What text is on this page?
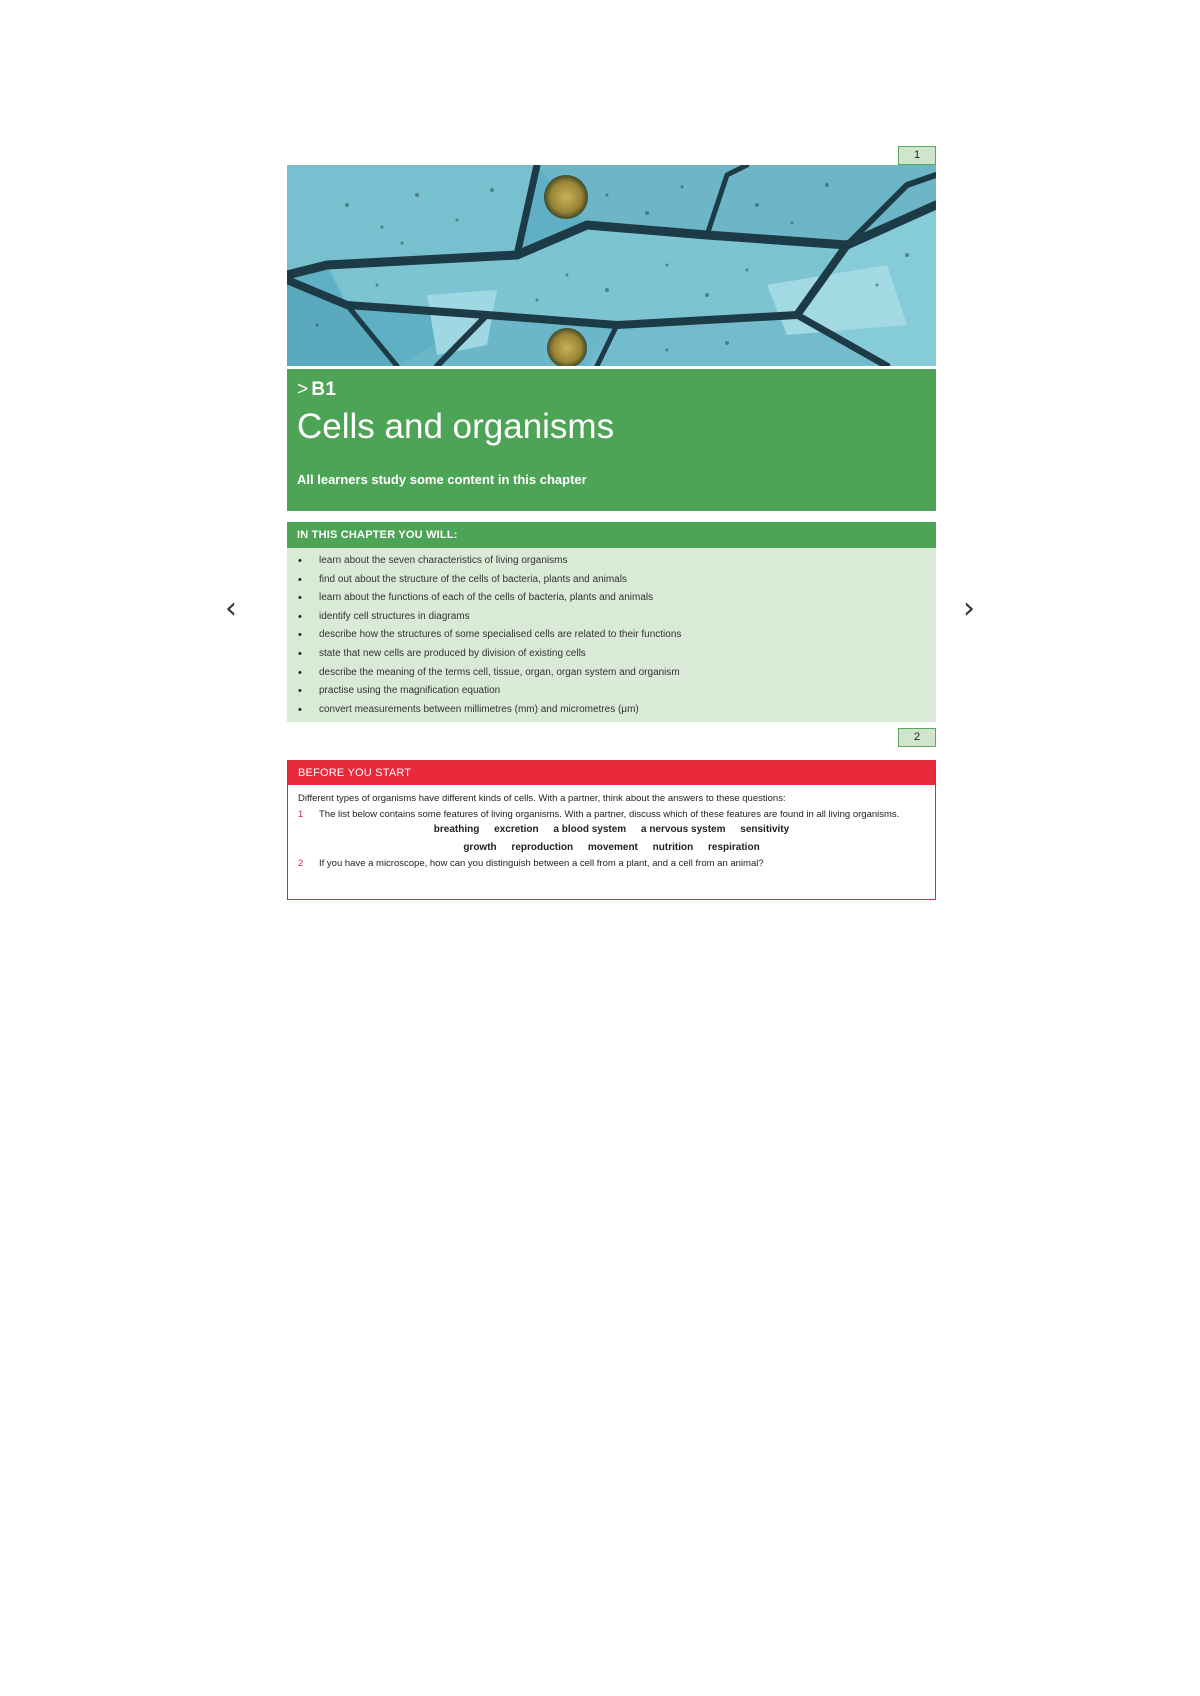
‹	›
1
> B1
Cells and organisms
All learners study some content in this chapter
IN THIS CHAPTER YOU WILL:
• learn about the seven characteristics of living organisms
• find out about the structure of the cells of bacteria, plants and animals
• learn about the functions of each of the cells of bacteria, plants and animals
• identify cell structures in diagrams
• describe how the structures of some specialised cells are related to their functions
• state that new cells are produced by division of existing cells
• describe the meaning of the terms cell, tissue, organ, organ system and organism
• practise using the magnification equation
• convert measurements between millimetres (mm) and micrometres (μm)
2
BEFORE YOU START
Different types of organisms have different kinds of cells. With a partner, think about the answers to these questions:
1 The list below contains some features of living organisms. With a partner, discuss which of these features are found in all living organisms.
breathing excretion a blood system a nervous system sensitivity
growth reproduction movement nutrition respiration
2 If you have a microscope, how can you distinguish between a cell from a plant, and a cell from an animal?
